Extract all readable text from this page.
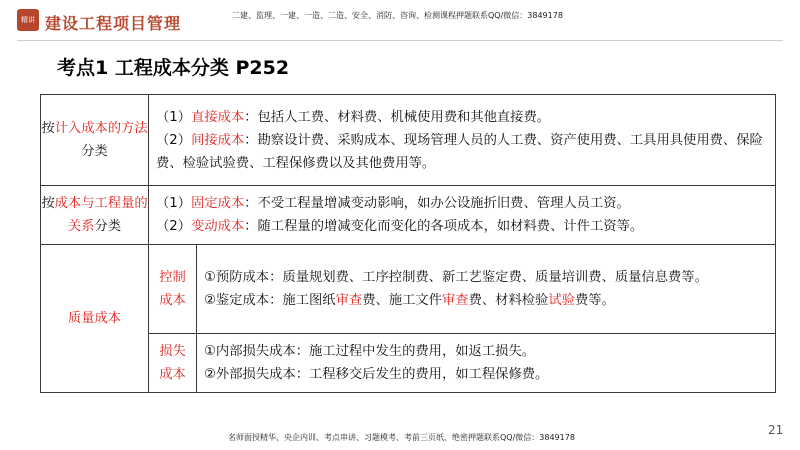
精讲 建设工程项目管理	二建、监理、一建、一造、二造、安全、消防、咨询、检测课程押题联系QQ/微信：3849178
考点1 工程成本分类 P252
按计入成本的方法分类	（1）直接成本：包括人工费、材料费、机械使用费和其他直接费。
（2）间接成本：勘察设计费、采购成本、现场管理人员的人工费、资产使用费、工具用具使用费、保险费、检验试验费、工程保修费以及其他费用等。	

按成本与工程量的关系分类	（1）固定成本：不受工程量增减变动影响，如办公设施折旧费、管理人员工资。
（2）变动成本：随工程量的增减变化而变化的各项成本，如材料费、计件工资等。	

质量成本	控制成本	①预防成本：质量规划费、工序控制费、新工艺鉴定费、质量培训费、质量信息费等。
②鉴定成本：施工图纸审查费、施工文件审查费、材料检验试验费等。

	损失成本	①内部损失成本：施工过程中发生的费用，如返工损失。
②外部损失成本：工程移交后发生的费用，如工程保修费。
21
名师面授精华、央企内训、考点串讲、习题模考、考前三页纸、绝密押题联系QQ/微信：3849178
